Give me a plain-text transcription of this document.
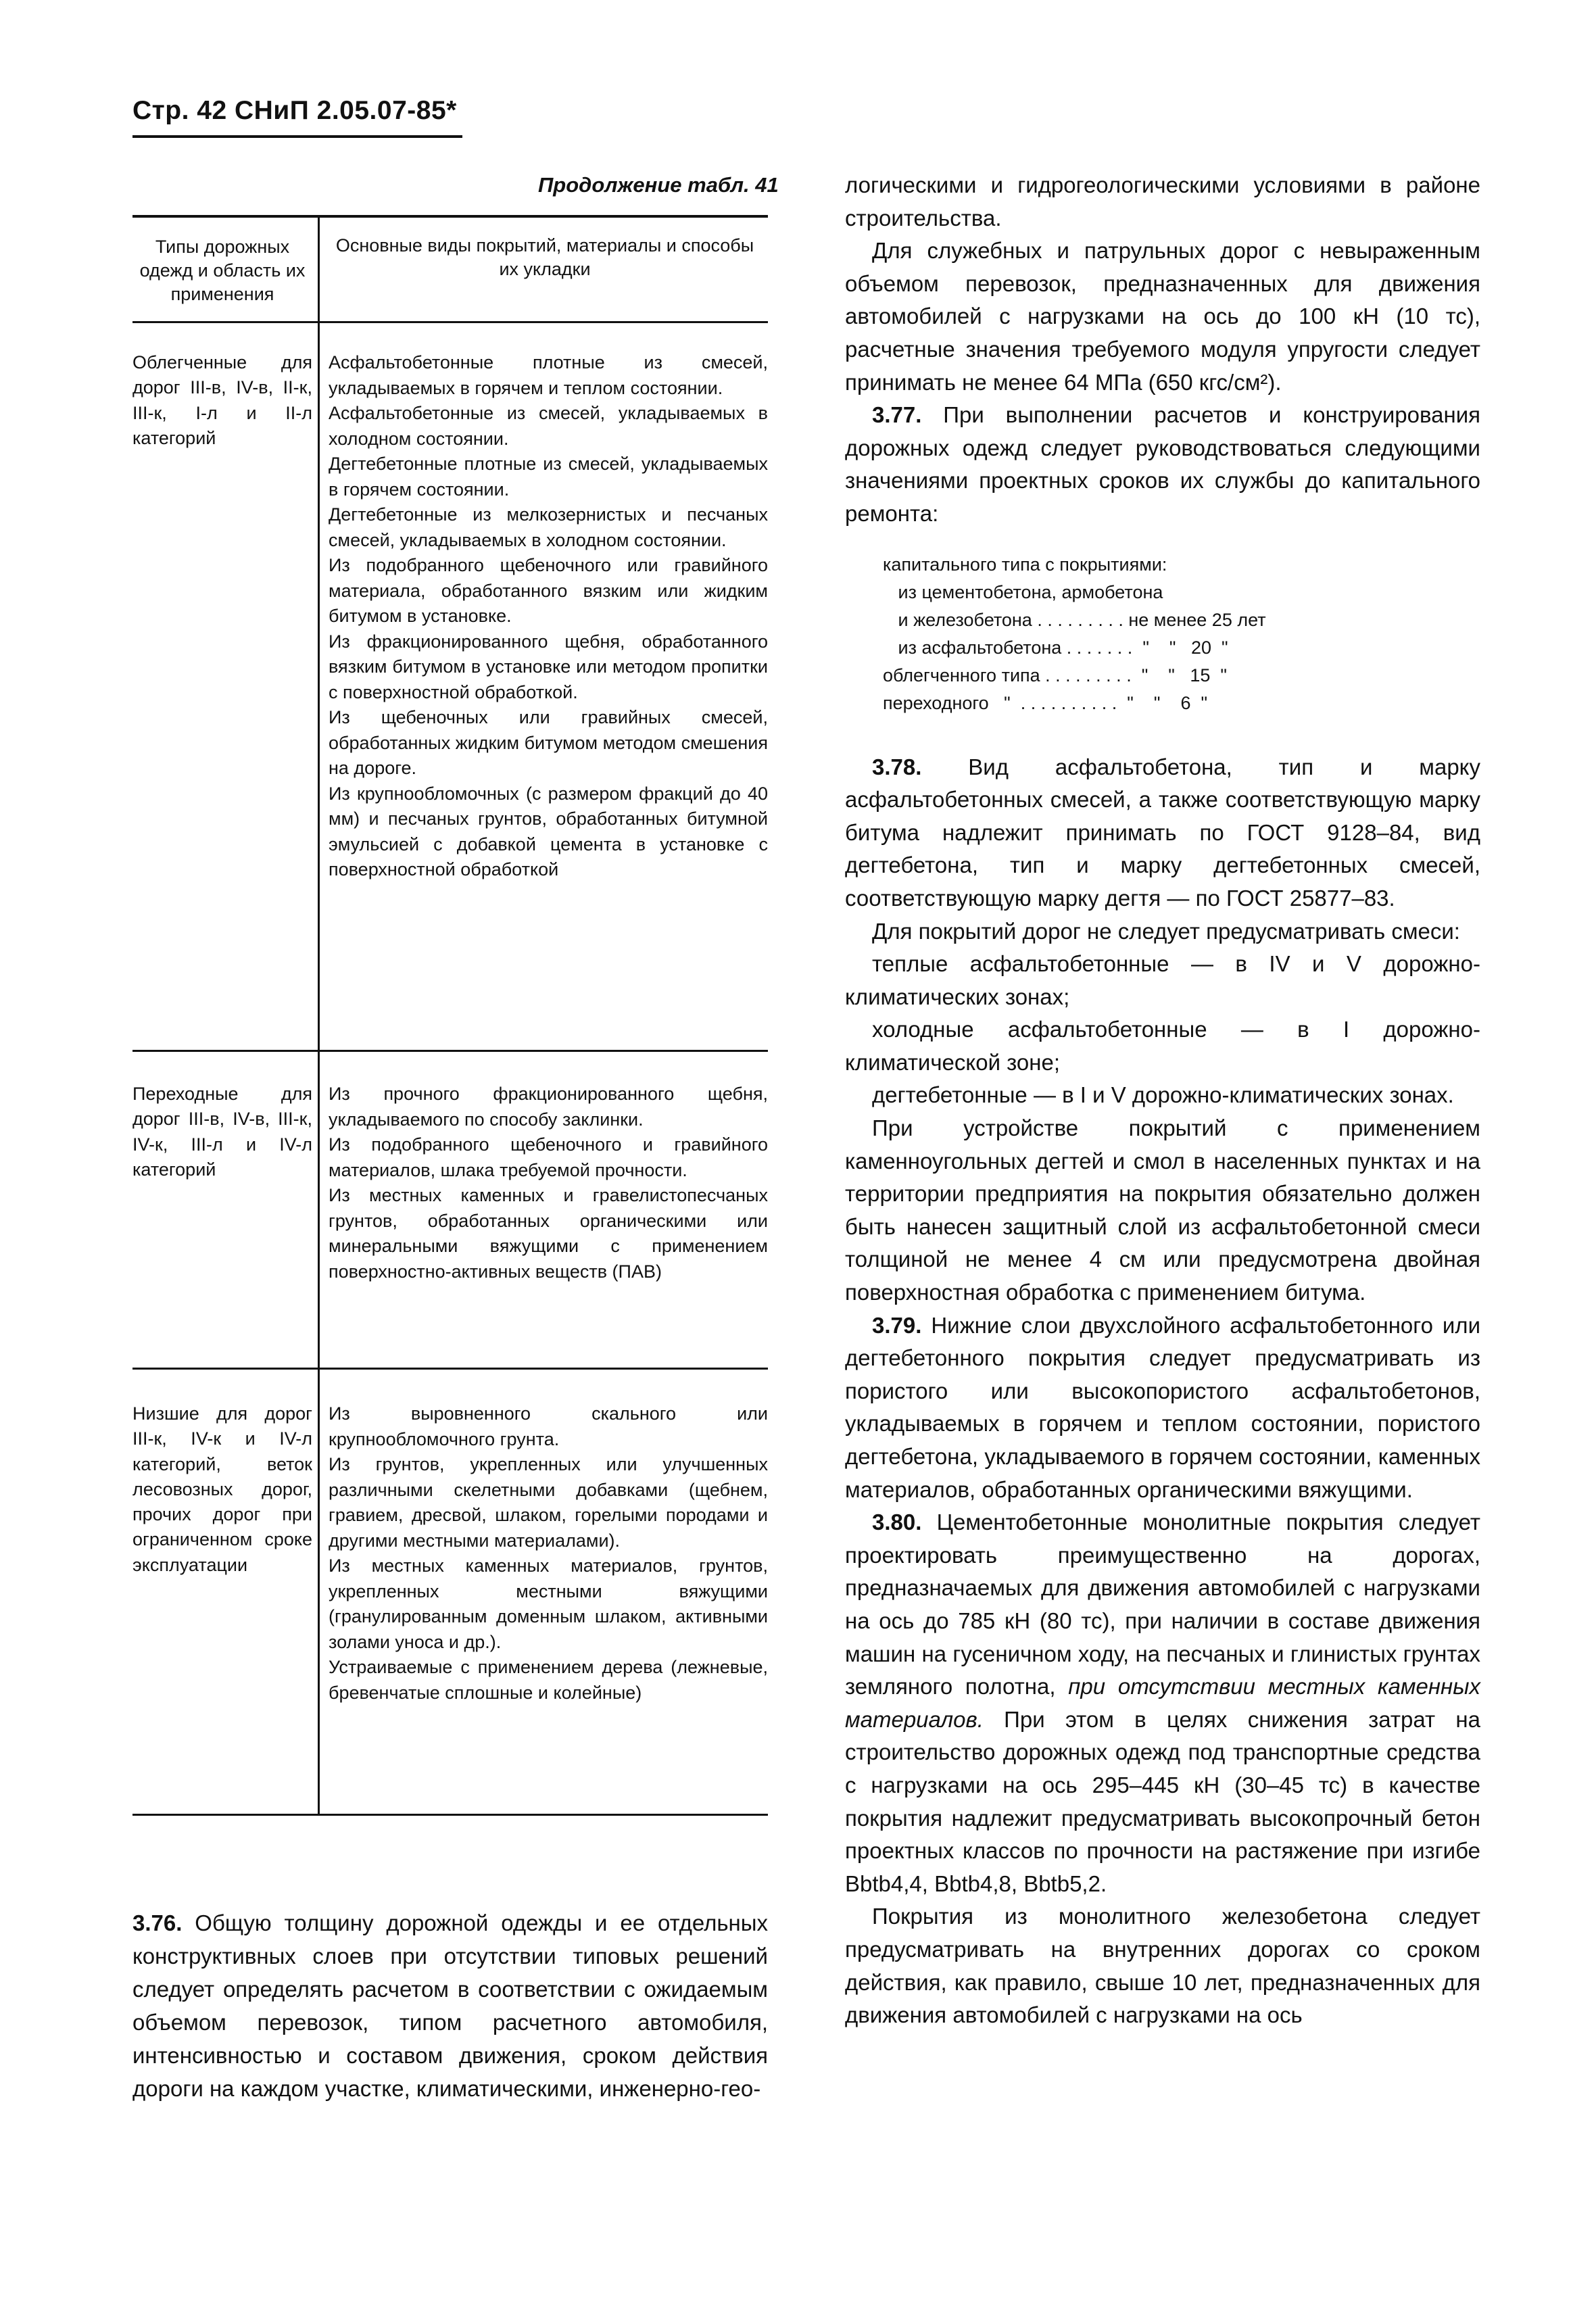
Стр. 42 СНиП 2.05.07-85*
Продолжение табл. 41
Типы дорожных одежд и область их применения
Основные виды покрытий, материалы и способы их укладки
Облегченные для дорог III-в, IV-в, II-к, III-к, I-л и II-л категорий

Асфальтобетонные плотные из смесей, укладываемых в горячем и теплом состоянии.

Асфальтобетонные из смесей, укладываемых в холодном состоянии.

Дегтебетонные плотные из смесей, укладываемых в горячем состоянии.

Дегтебетонные из мелкозернистых и песчаных смесей, укладываемых в холодном состоянии.

Из подобранного щебеночного или гравийного материала, обработанного вязким или жидким битумом в установке.

Из фракционированного щебня, обработанного вязким битумом в установке или методом пропитки с поверхностной обработкой.

Из щебеночных или гравийных смесей, обработанных жидким битумом методом смешения на дороге.

Из крупнообломочных (с размером фракций до 40 мм) и песчаных грунтов, обработанных битумной эмульсией с добавкой цемента в установке с поверхностной обработкой

Переходные для дорог III-в, IV-в, III-к, IV-к, III-л и IV-л категорий

Из прочного фракционированного щебня, укладываемого по способу заклинки.

Из подобранного щебеночного и гравийного материалов, шлака требуемой прочности.

Из местных каменных и гравелистопесчаных грунтов, обработанных органическими или минеральными вяжущими с применением поверхностно-активных веществ (ПАВ)

Низшие для дорог III-к, IV-к и IV-л категорий, веток лесовозных дорог, прочих дорог при ограниченном сроке эксплуатации

Из выровненного скального или крупнообломочного грунта.

Из грунтов, укрепленных или улучшенных различными скелетными добавками (щебнем, гравием, дресвой, шлаком, горелыми породами и другими местными материалами).

Из местных каменных материалов, грунтов, укрепленных местными вяжущими (гранулированным доменным шлаком, активными золами уноса и др.).

Устраиваемые с применением дерева (лежневые, бревенчатые сплошные и колейные)

3.76. Общую толщину дорожной одежды и ее отдельных конструктивных слоев при отсутствии типовых решений следует определять расчетом в соответствии с ожидаемым объемом перевозок, типом расчетного автомобиля, интенсивностью и составом движения, сроком действия дороги на каждом участке, климатическими, инженерно-гео-

логическими и гидрогеологическими условиями в районе строительства.

Для служебных и патрульных дорог с невыраженным объемом перевозок, предназначенных для движения автомобилей с нагрузками на ось до 100 кН (10 тс), расчетные значения требуемого модуля упругости следует принимать не менее 64 МПа (650 кгс/см²).

3.77. При выполнении расчетов и конструирования дорожных одежд следует руководствоваться следующими значениями проектных сроков их службы до капитального ремонта:

капитального типа с покрытиями:
из цементобетона, армобетона
и железобетона . . . . . . . . . не менее 25 лет
из асфальтобетона . . . . . . .  "    "   20  "
облегченного типа . . . . . . . . .  "    "   15  "
переходного   "  . . . . . . . . . .  "    "    6  "

3.78. Вид асфальтобетона, тип и марку асфальтобетонных смесей, а также соответствующую марку битума надлежит принимать по ГОСТ 9128–84, вид дегтебетона, тип и марку дегтебетонных смесей, соответствующую марку дегтя — по ГОСТ 25877–83.

Для покрытий дорог не следует предусматривать смеси:

теплые асфальтобетонные — в IV и V дорожно-климатических зонах;

холодные асфальтобетонные — в I дорожно-климатической зоне;

дегтебетонные — в I и V дорожно-климатических зонах.

При устройстве покрытий с применением каменноугольных дегтей и смол в населенных пунктах и на территории предприятия на покрытия обязательно должен быть нанесен защитный слой из асфальтобетонной смеси толщиной не менее 4 см или предусмотрена двойная поверхностная обработка с применением битума.

3.79. Нижние слои двухслойного асфальтобетонного или дегтебетонного покрытия следует предусматривать из пористого или высокопористого асфальтобетонов, укладываемых в горячем и теплом состоянии, пористого дегтебетона, укладываемого в горячем состоянии, каменных материалов, обработанных органическими вяжущими.

3.80. Цементобетонные монолитные покрытия следует проектировать преимущественно на дорогах, предназначаемых для движения автомобилей с нагрузками на ось до 785 кН (80 тс), при наличии в составе движения машин на гусеничном ходу, на песчаных и глинистых грунтах земляного полотна, при отсутствии местных каменных материалов. При этом в целях снижения затрат на строительство дорожных одежд под транспортные средства с нагрузками на ось 295–445 кН (30–45 тс) в качестве покрытия надлежит предусматривать высокопрочный бетон проектных классов по прочности на растяжение при изгибе Bbtb4,4, Bbtb4,8, Bbtb5,2.

Покрытия из монолитного железобетона следует предусматривать на внутренних дорогах со сроком действия, как правило, свыше 10 лет, предназначенных для движения автомобилей с нагрузками на ось
